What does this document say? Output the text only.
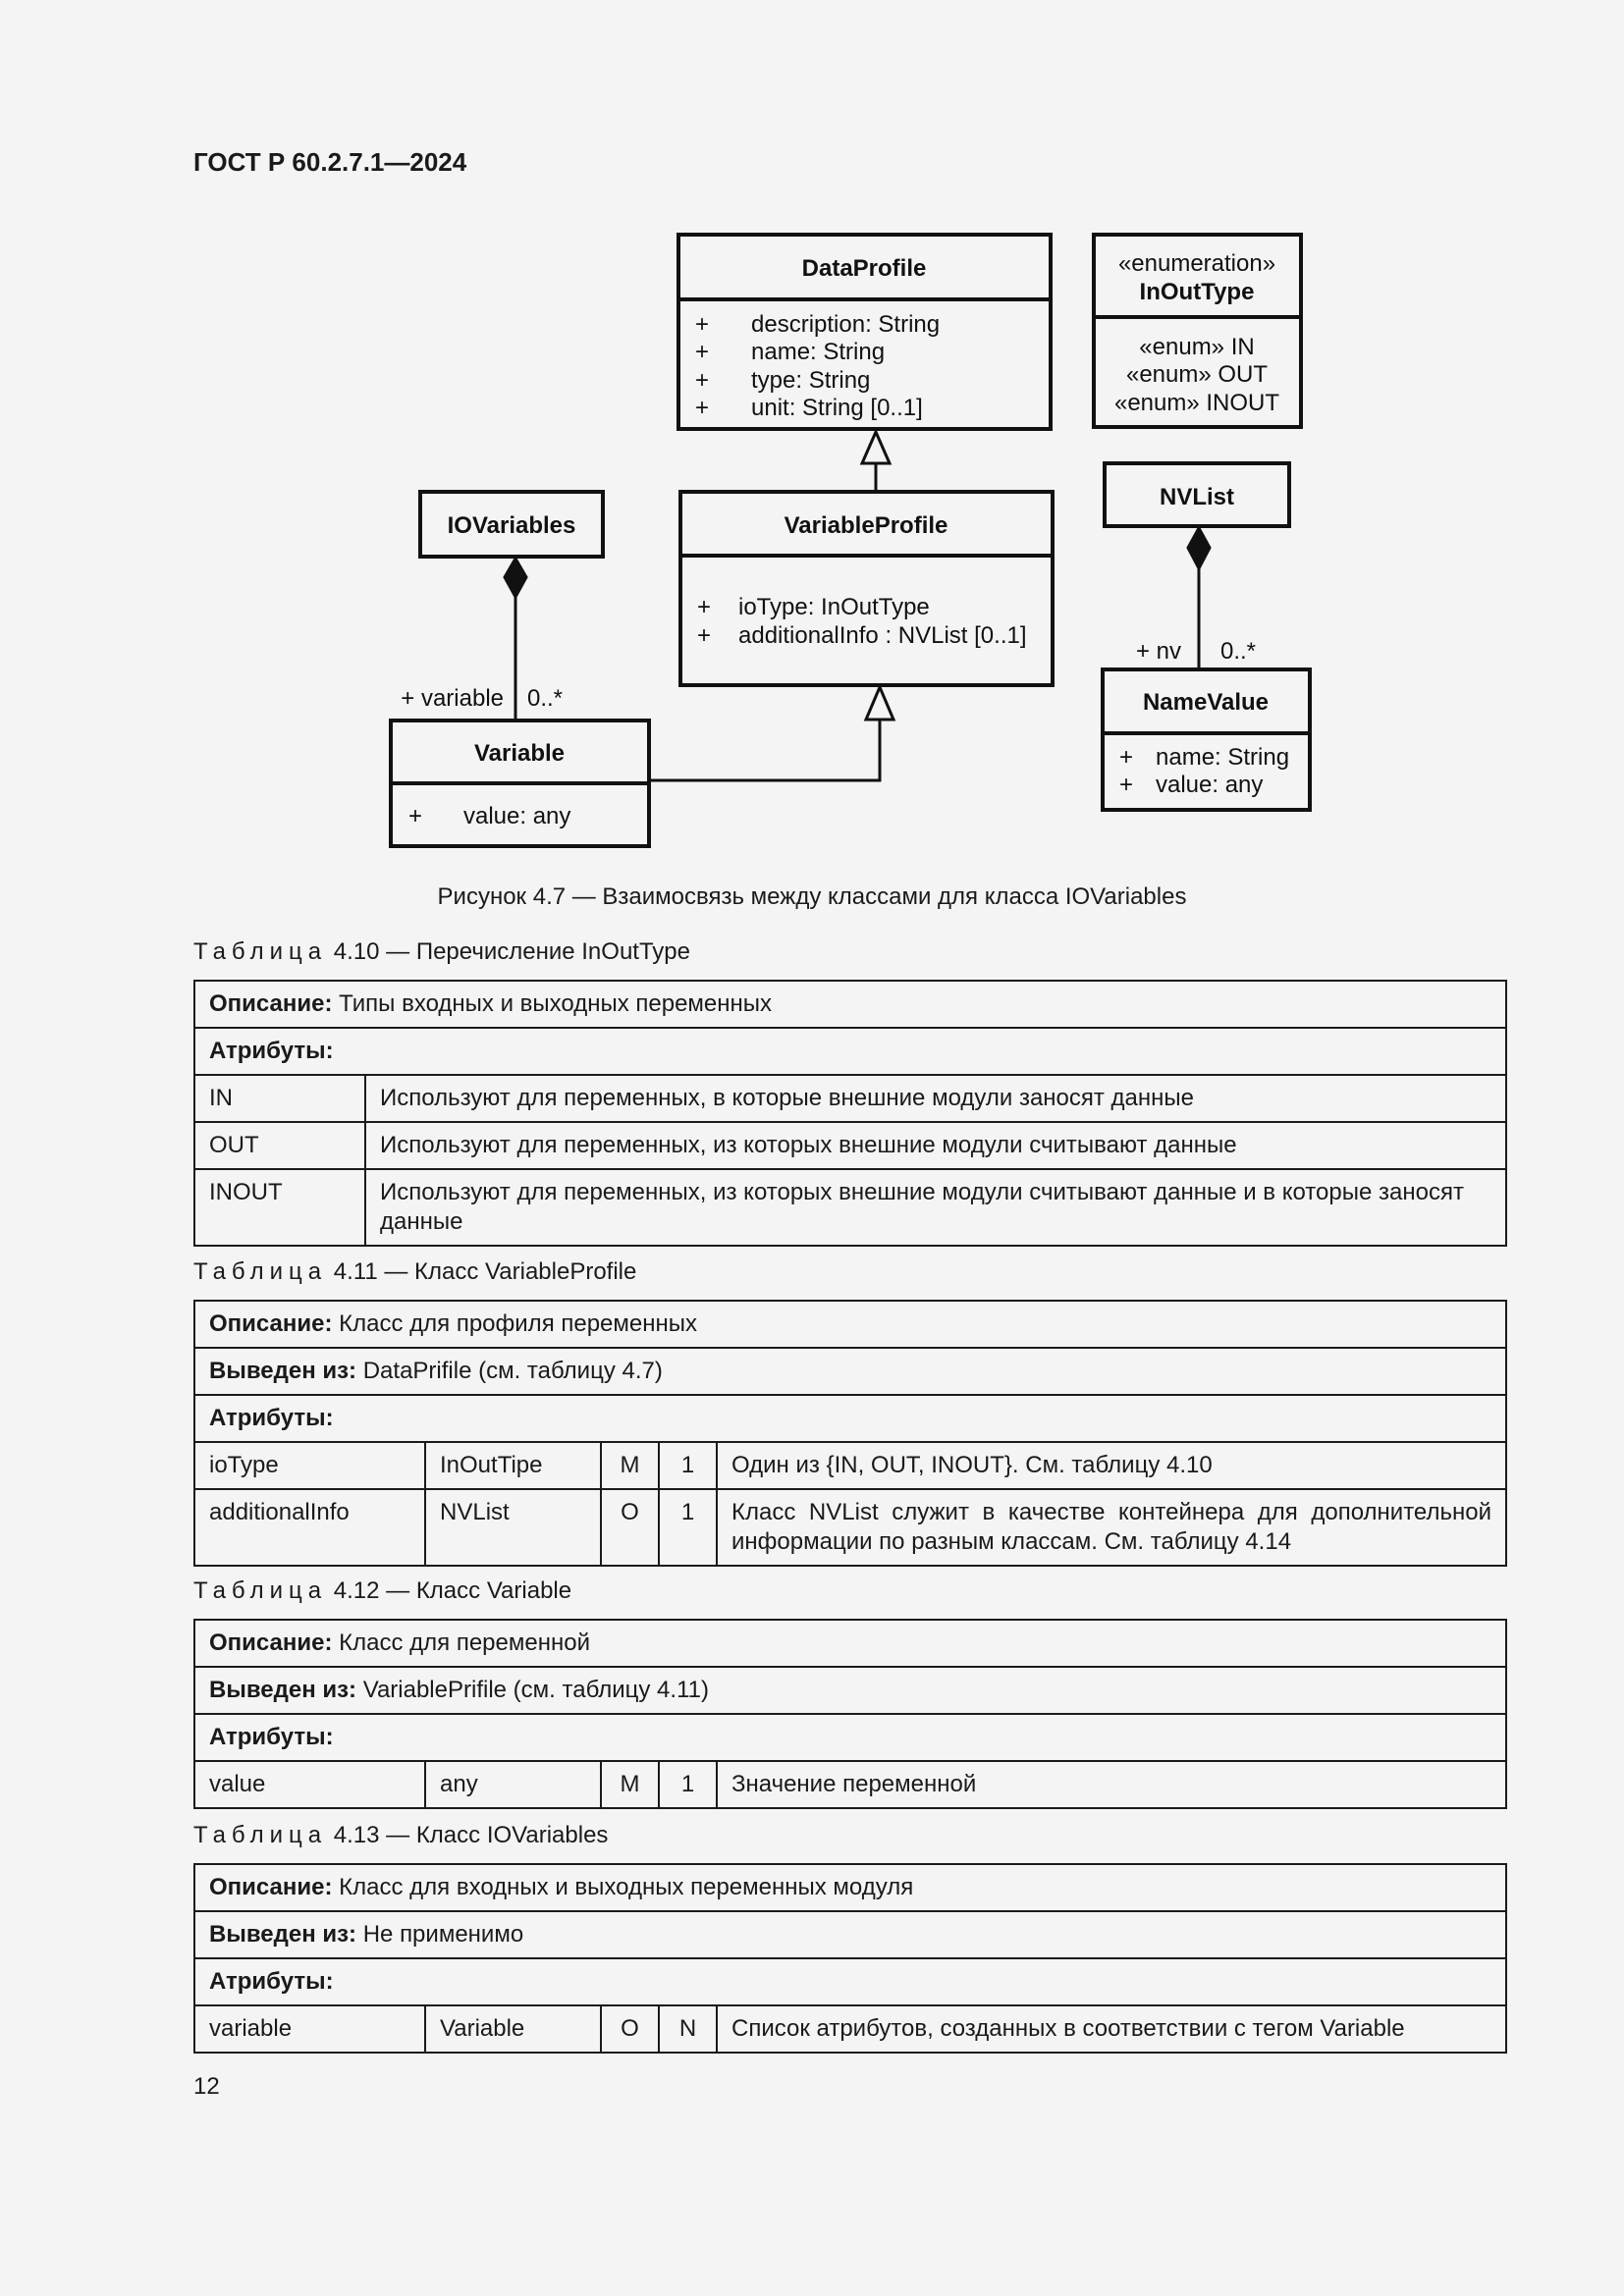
ГОСТ Р 60.2.7.1—2024
DataProfile
+ description: String
+ name: String
+ type: String
+ unit: String [0..1]
«enumeration»
InOutType
«enum» IN
«enum» OUT
«enum» INOUT
IOVariables	VariableProfile
+ ioType: InOutType
+ additionalInfo : NVList [0..1]
NVList
Variable
+ value: any
NameValue
+ name: String
+ value: any
+ variable 0..*
+ nv 0..*
Рисунок 4.7 — Взаимосвязь между классами для класса IOVariables
Таблица 4.10 — Перечисление InOutType
Описание: Типы входных и выходных переменных	
Атрибуты:	
IN	Используют для переменных, в которые внешние модули заносят данные
OUT	Используют для переменных, из которых внешние модули считывают данные
INOUT	Используют для переменных, из которых внешние модули считывают данные и в которые заносят данные
Таблица 4.11 — Класс VariableProfile
Описание: Класс для профиля переменных				
Выведен из: DataPrifile (см. таблицу 4.7)				
Атрибуты:				
ioType	InOutTipe	M	1	Один из {IN, OUT, INOUT}. См. таблицу 4.10
additionalInfo	NVList	O	1	Класс NVList служит в качестве контейнера для дополнительной информации по разным классам. См. таблицу 4.14
Таблица 4.12 — Класс Variable
Описание: Класс для переменной
Выведен из: VariablePrifile (см. таблицу 4.11)
Атрибуты:
value	any	M	1	Значение переменной
Таблица 4.13 — Класс IOVariables
Описание: Класс для входных и выходных переменных модуля
Выведен из: Не применимо
Атрибуты:
variable	Variable	O	N	Список атрибутов, созданных в соответствии с тегом Variable
12
